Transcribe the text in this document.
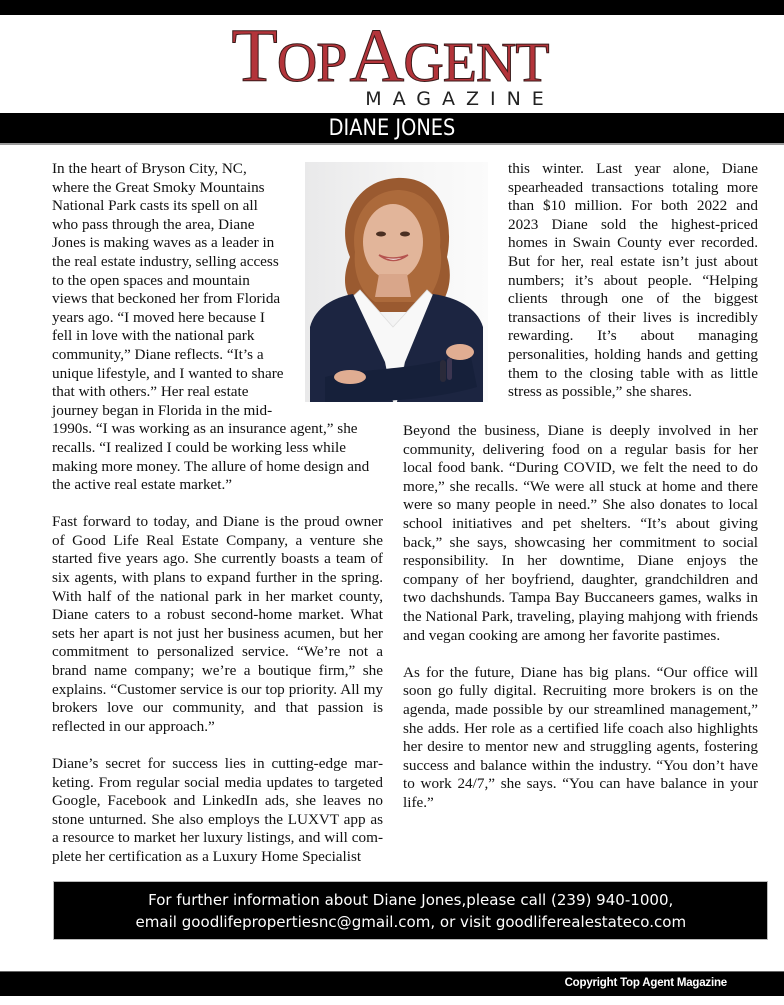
TOP AGENT
MAGAZINE
DIANE JONES

In the heart of Bryson City, NC, where the Great Smoky Mountains National Park casts its spell on all who pass through the area, Diane Jones is making waves as a leader in the real estate industry, selling access to the open spaces and mountain views that beckoned her from Florida years ago. “I moved here because I fell in love with the national park community,” Diane reflects. “It’s a unique lifestyle, and I wanted to share that with others.” Her real estate journey began in Florida in the mid-1990s. “I was working as an

insurance agent,” she recalls. “I realized I could be working less while making more money. The allure of home design and the active real estate market.”

Fast forward to today, and Diane is the proud owner of Good Life Real Estate Company, a venture she started five years ago. She currently boasts a team of six agents, with plans to expand further in the spring. With half of the national park in her market county, Diane caters to a robust second-home market. What sets her apart is not just her business acumen, but her commitment to personalized service. “We’re not a brand name company; we’re a boutique firm,” she explains. “Customer service is our top priority. All my brokers love our community, and that passion is reflected in our approach.”

Diane’s secret for success lies in cutting-edge marketing. From regular social media updates to targeted Google, Facebook and LinkedIn ads, she leaves no stone unturned. She also employs the LUXVT app as a resource to market her luxury listings, and will complete her certification as a Luxury Home Specialist

this winter. Last year alone, Diane spearheaded transactions totaling more than $10 million. For both 2022 and 2023 Diane sold the highest-priced homes in Swain County ever recorded. But for her, real estate isn’t just about numbers; it’s about people. “Helping clients through one of the biggest transactions of their lives is incredibly rewarding. It’s about managing personalities, holding hands and getting them to the closing table with as little stress as possible,” she shares.

Beyond the business, Diane is deeply involved in her community, delivering food on a regular basis for her local food bank. “During COVID, we felt the need to do more,” she recalls. “We were all stuck at home and there were so many people in need.” She also donates to local school initiatives and pet shelters. “It’s about giving back,” she says, showcasing her commitment to social responsibility. In her downtime, Diane enjoys the company of her boyfriend, daughter, grandchildren and two dachshunds. Tampa Bay Buccaneers games, walks in the National Park, traveling, playing mahjong with friends and vegan cooking are among her favorite pastimes.

As for the future, Diane has big plans. “Our office will soon go fully digital. Recruiting more brokers is on the agenda, made possible by our streamlined management,” she adds. Her role as a certified life coach also highlights her desire to mentor new and struggling agents, fostering success and balance within the industry. “You don’t have to work 24/7,” she says. “You can have balance in your life.”

For further information about Diane Jones,please call (239) 940-1000,
email goodlifepropertiesnc@gmail.com, or visit goodliferealestateco.com
Copyright Top Agent Magazine
